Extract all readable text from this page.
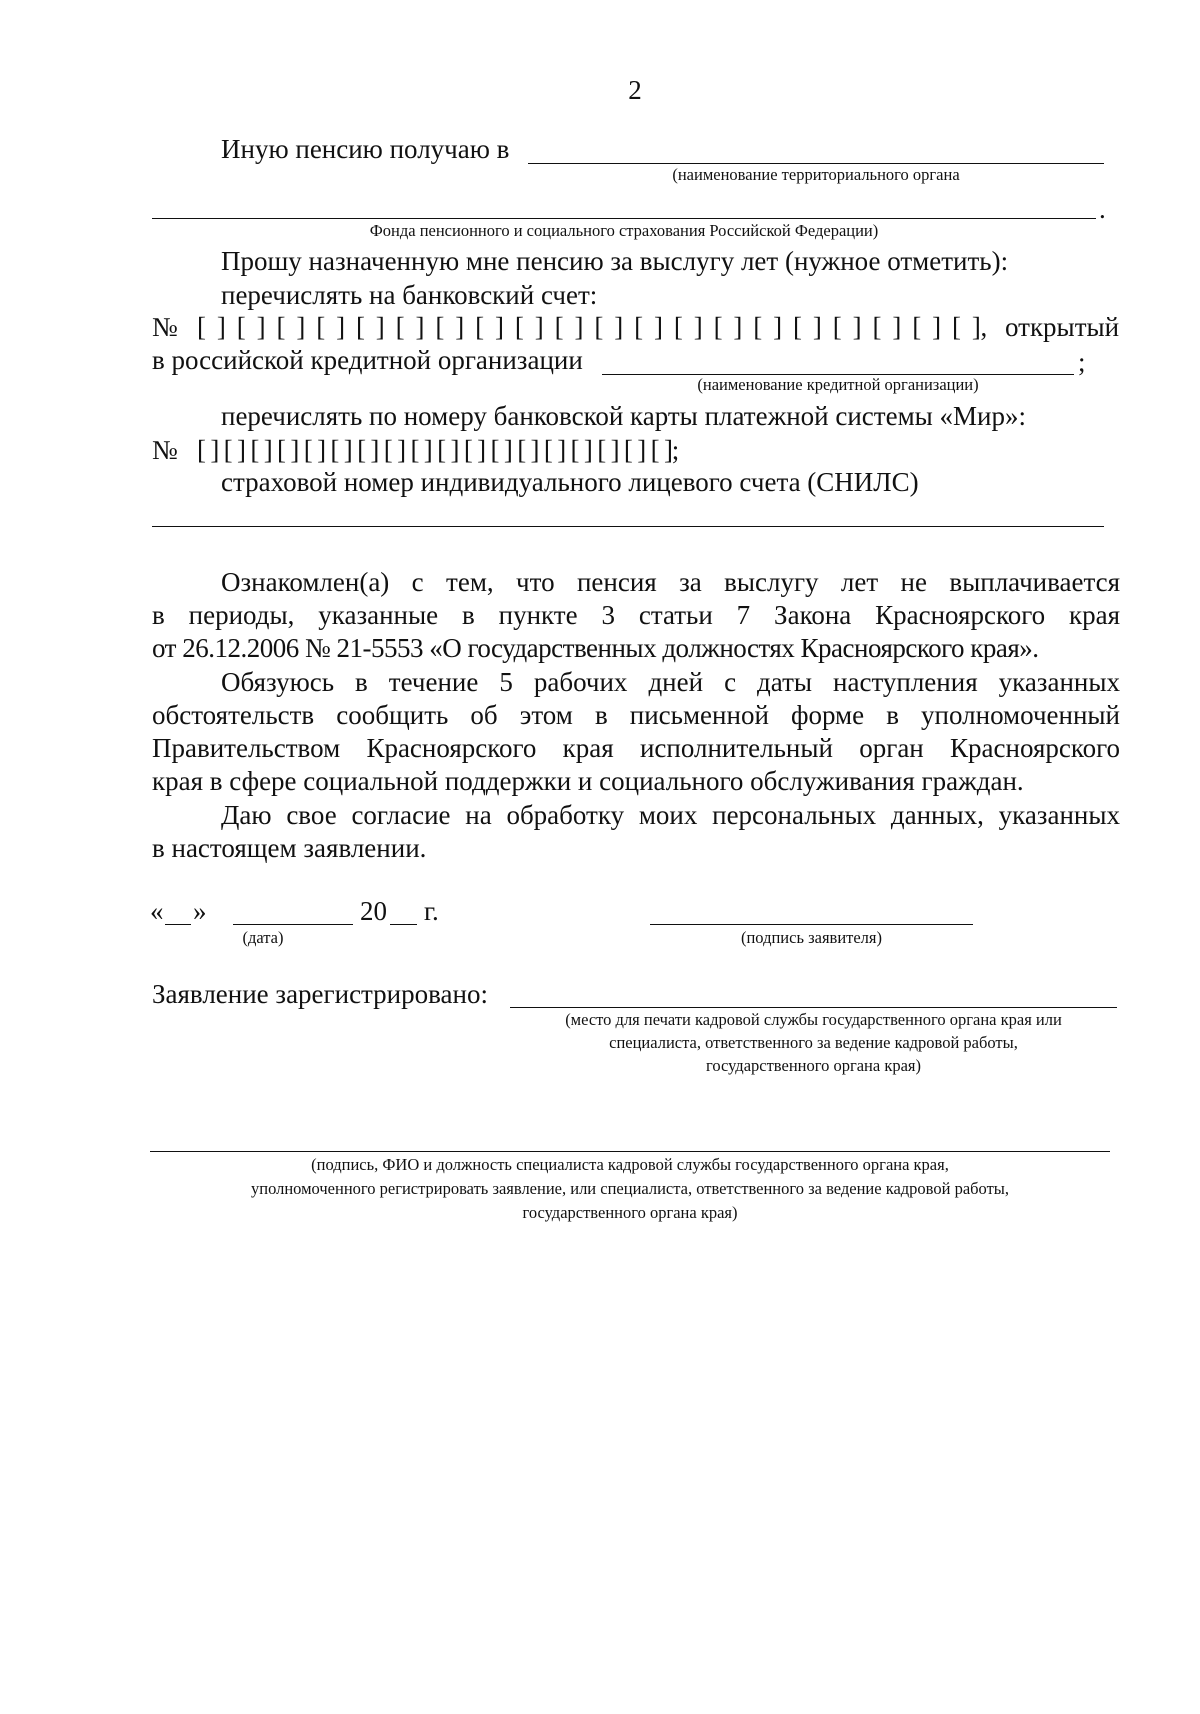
2
Иную пенсию получаю в
(наименование территориального органа
.
Фонда пенсионного и социального страхования Российской Федерации)
Прошу назначенную мне пенсию за выслугу лет (нужное отметить):
перечислять на банковский счет:
№ [ ] [ ] [ ] [ ] [ ] [ ] [ ] [ ] [ ] [ ] [ ] [ ] [ ] [ ] [ ] [ ] [ ] [ ] [ ] [ ], открытый
в российской кредитной организации	;
(наименование кредитной организации)
перечислять по номеру банковской карты платежной системы «Мир»:
№ [ ] [ ] [ ] [ ] [ ] [ ] [ ] [ ] [ ] [ ] [ ] [ ] [ ] [ ] [ ] [ ] [ ] [ ];
страховой номер индивидуального лицевого счета (СНИЛС)
Ознакомлен(а) с тем, что пенсия за выслугу лет не выплачивается
в периоды, указанные в пункте 3 статьи 7 Закона Красноярского края
от 26.12.2006 № 21-5553 «О государственных должностях Красноярского края».
Обязуюсь в течение 5 рабочих дней с даты наступления указанных
обстоятельств сообщить об этом в письменной форме в уполномоченный
Правительством Красноярского края исполнительный орган Красноярского
края в сфере социальной поддержки и социального обслуживания граждан.
Даю свое согласие на обработку моих персональных данных, указанных
в настоящем заявлении.
« »	20 г.
(дата)	(подпись заявителя)
Заявление зарегистрировано:
(место для печати кадровой службы государственного органа края или
специалиста, ответственного за ведение кадровой работы,
государственного органа края)
(подпись, ФИО и должность специалиста кадровой службы государственного органа края,
уполномоченного регистрировать заявление, или специалиста, ответственного за ведение кадровой работы,
государственного органа края)
